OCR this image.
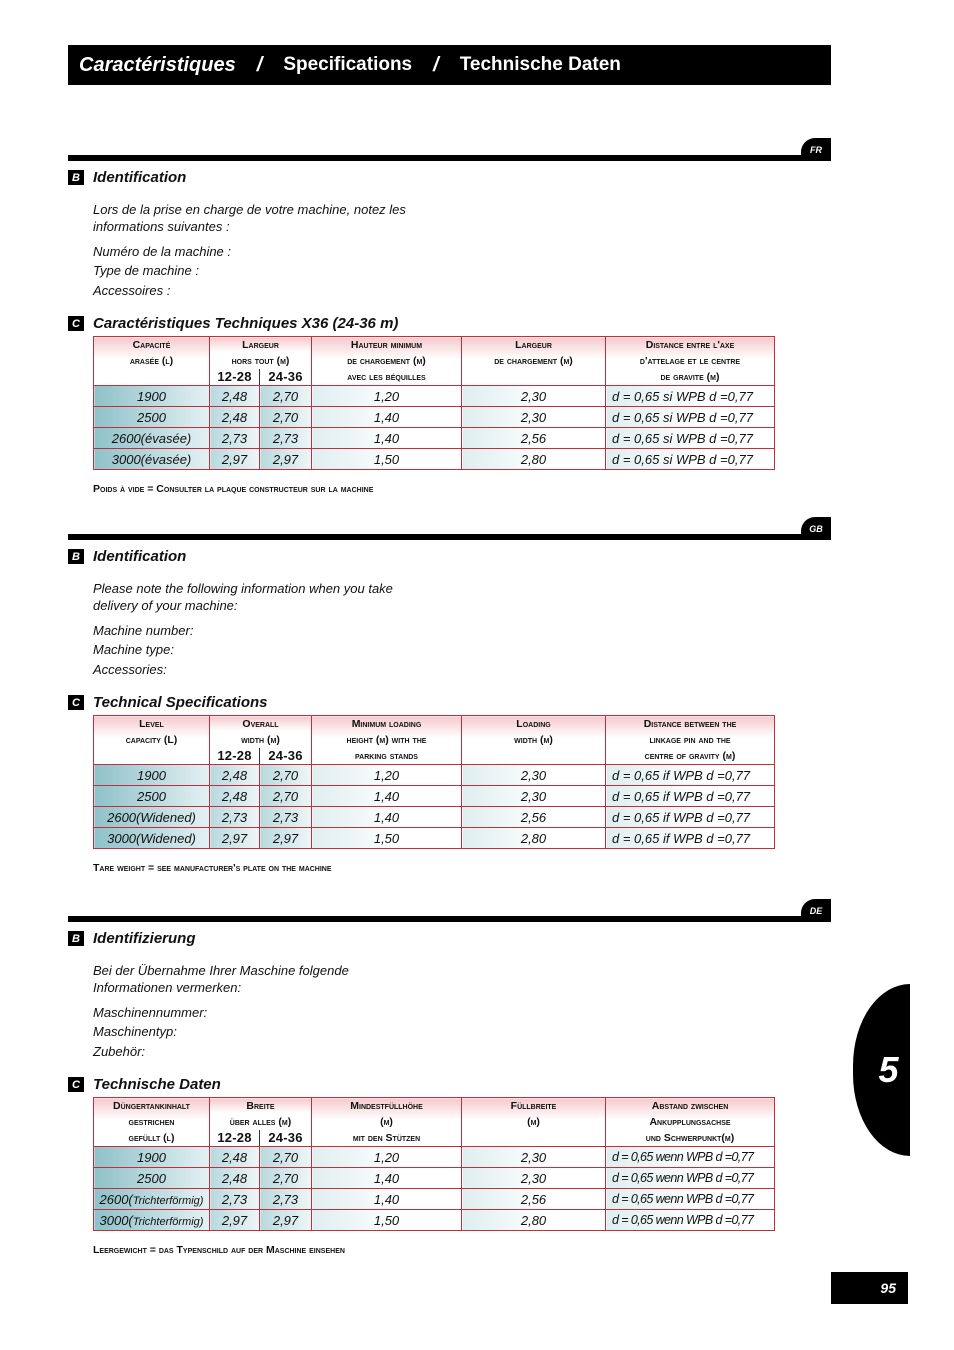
Caractéristiques / Specifications / Technische Daten
FR
B Identification
Lors de la prise en charge de votre machine, notez les
informations suivantes :
Numéro de la machine :
Type de machine :
Accessoires :
C Caractéristiques Techniques X36 (24-36 m)
Capacité
arasée (l)	Largeur
hors tout (m)		Hauteur minimum
de chargement (m)
avec les béquilles	Largeur
de chargement (m)	Distance entre l'axe
d'attelage et le centre
de gravite (m)
	12-28	24-36			
1900	2,48	2,70	1,20	2,30	d = 0,65 si WPB d =0,77
2500	2,48	2,70	1,40	2,30	d = 0,65 si WPB d =0,77
2600(évasée)	2,73	2,73	1,40	2,56	d = 0,65 si WPB d =0,77
3000(évasée)	2,97	2,97	1,50	2,80	d = 0,65 si WPB d =0,77
Poids à vide = Consulter la plaque constructeur sur la machine
GB
B Identification
Please note the following information when you take
delivery of your machine:
Machine number:
Machine type:
Accessories:
C Technical Specifications
Level
capacity (L)	Overall
width (m)		Minimum loading
height (m) with the
parking stands	Loading
width (m)	Distance between the
linkage pin and the
centre of gravity (m)
	12-28	24-36			
1900	2,48	2,70	1,20	2,30	d = 0,65 if WPB d =0,77
2500	2,48	2,70	1,40	2,30	d = 0,65 if WPB d =0,77
2600(Widened)	2,73	2,73	1,40	2,56	d = 0,65 if WPB d =0,77
3000(Widened)	2,97	2,97	1,50	2,80	d = 0,65 if WPB d =0,77
Tare weight = see manufacturer's plate on the machine
DE
B Identifizierung
Bei der Übernahme Ihrer Maschine folgende
Informationen vermerken:
Maschinennummer:
Maschinentyp:
Zubehör:
C Technische Daten
Düngertankinhalt
gestrichen
gefüllt (l)	Breite
über alles (m)		Mindestfüllhöhe
(m)
mit den Stützen	Füllbreite
(m)	Abstand zwischen
Ankupplungsachse
und Schwerpunkt(m)
	12-28	24-36			
1900	2,48	2,70	1,20	2,30	d = 0,65 wenn WPB d =0,77
2500	2,48	2,70	1,40	2,30	d = 0,65 wenn WPB d =0,77
2600(Trichterförmig)	2,73	2,73	1,40	2,56	d = 0,65 wenn WPB d =0,77
3000(Trichterförmig)	2,97	2,97	1,50	2,80	d = 0,65 wenn WPB d =0,77
Leergewicht = das Typenschild auf der Maschine einsehen
5
95
